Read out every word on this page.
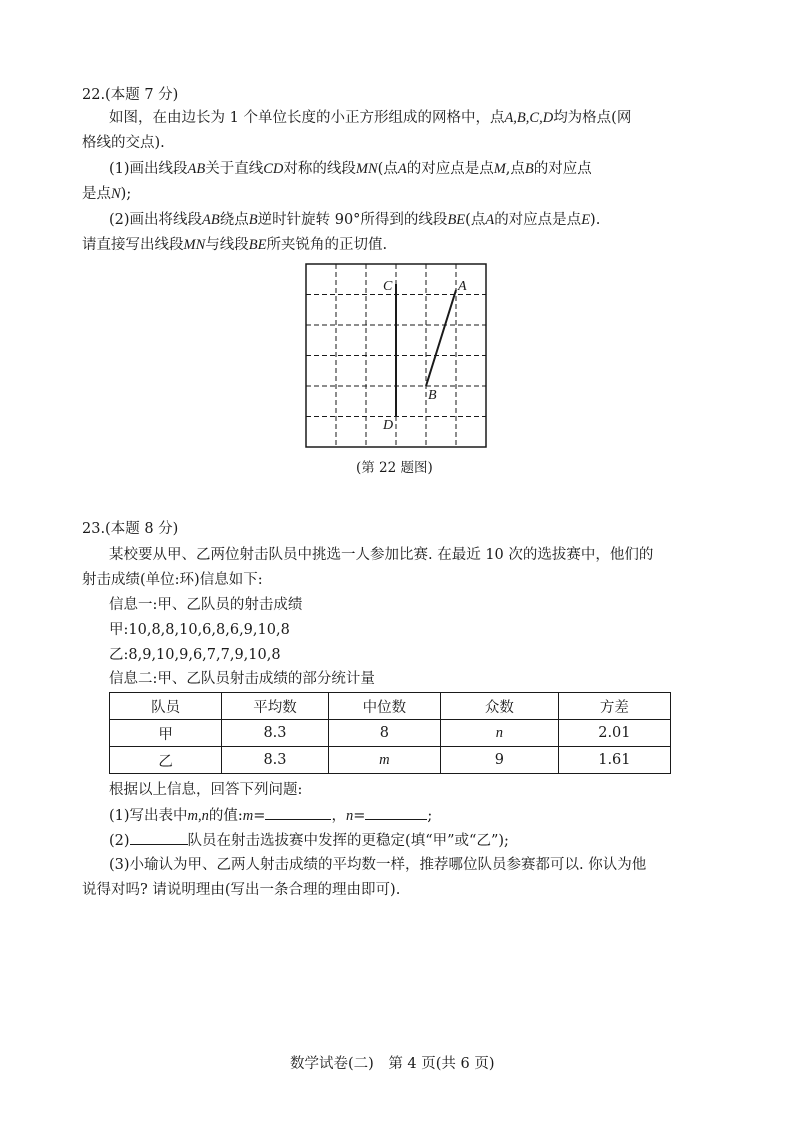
22.(本题 7 分)
如图，在由边长为 1 个单位长度的小正方形组成的网格中，点A,B,C,D均为格点(网
格线的交点).
(1)画出线段AB关于直线CD对称的线段MN(点A的对应点是点M,点B的对应点
是点N);
(2)画出将线段AB绕点B逆时针旋转 90°所得到的线段BE(点A的对应点是点E).
请直接写出线段MN与线段BE所夹锐角的正切值.
C	A
B
D
(第 22 题图)
23.(本题 8 分)
某校要从甲、乙两位射击队员中挑选一人参加比赛. 在最近 10 次的选拔赛中，他们的
射击成绩(单位:环)信息如下:
信息一:甲、乙队员的射击成绩
甲:10,8,8,10,6,8,6,9,10,8
乙:8,9,10,9,6,7,7,9,10,8
信息二:甲、乙队员射击成绩的部分统计量
队员	平均数	中位数	众数	方差
甲	8.3	8	n	2.01
乙	8.3	m	9	1.61
根据以上信息，回答下列问题:
(1)写出表中m,n的值:m=	，n=	;
(2)	队员在射击选拔赛中发挥的更稳定(填“甲”或“乙”);
(3)小瑜认为甲、乙两人射击成绩的平均数一样，推荐哪位队员参赛都可以. 你认为他
说得对吗? 请说明理由(写出一条合理的理由即可).
数学试卷(二)　第 4 页(共 6 页)
